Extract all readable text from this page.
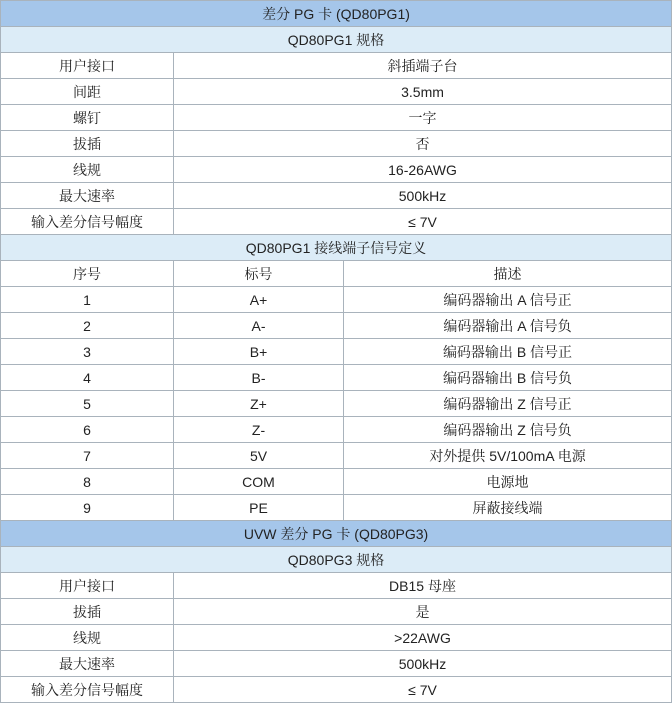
差分 PG 卡 (QD80PG1)		
QD80PG1 规格		
用户接口	斜插端子台	
间距	3.5mm	
螺钉	一字	
拔插	否	
线规	16-26AWG	
最大速率	500kHz	
输入差分信号幅度	≤ 7V	
QD80PG1 接线端子信号定义		
序号	标号	描述
1	A+	编码器输出 A 信号正
2	A-	编码器输出 A 信号负
3	B+	编码器输出 B 信号正
4	B-	编码器输出 B 信号负
5	Z+	编码器输出 Z 信号正
6	Z-	编码器输出 Z 信号负
7	5V	对外提供 5V/100mA 电源
8	COM	电源地
9	PE	屏蔽接线端
UVW 差分 PG 卡 (QD80PG3)		
QD80PG3 规格		
用户接口	DB15 母座	
拔插	是	
线规	>22AWG	
最大速率	500kHz	
输入差分信号幅度	≤ 7V	
